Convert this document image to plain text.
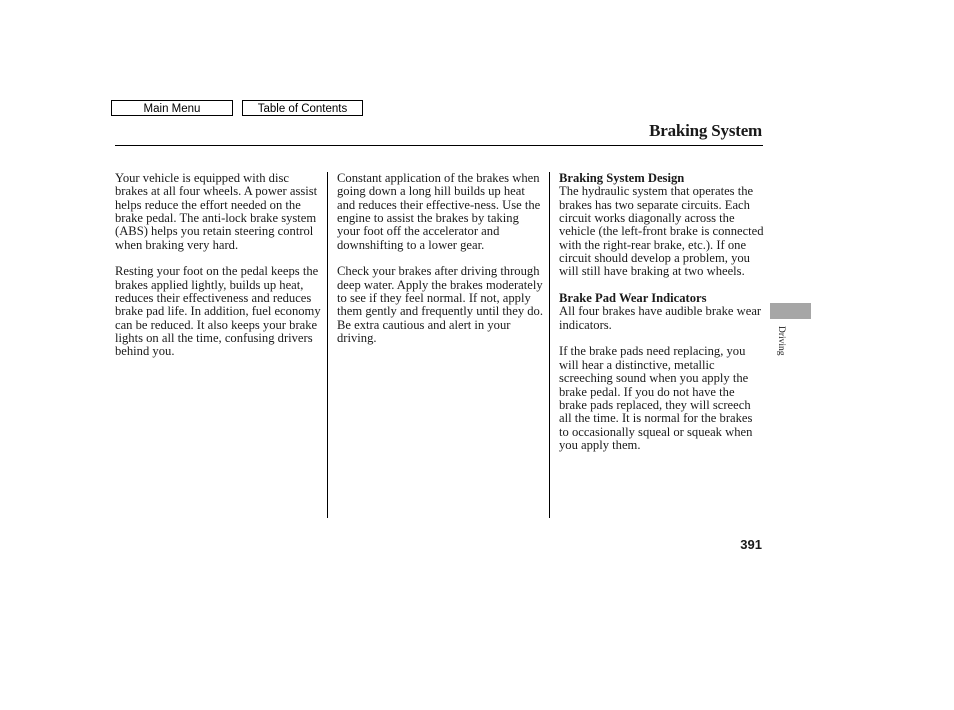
Main Menu	Table of Contents
Braking System

Your vehicle is equipped with disc brakes at all four wheels. A power assist helps reduce the effort needed on the brake pedal. The anti-lock brake system (ABS) helps you retain steering control when braking very hard.

Resting your foot on the pedal keeps the brakes applied lightly, builds up heat, reduces their effectiveness and reduces brake pad life. In addition, fuel economy can be reduced. It also keeps your brake lights on all the time, confusing drivers behind you.

Constant application of the brakes when going down a long hill builds up heat and reduces their effective-ness. Use the engine to assist the brakes by taking your foot off the accelerator and downshifting to a lower gear.

Check your brakes after driving through deep water. Apply the brakes moderately to see if they feel normal. If not, apply them gently and frequently until they do. Be extra cautious and alert in your driving.

Braking System Design
The hydraulic system that operates the brakes has two separate circuits. Each circuit works diagonally across the vehicle (the left-front brake is connected with the right-rear brake, etc.). If one circuit should develop a problem, you will still have braking at two wheels.

Brake Pad Wear Indicators
All four brakes have audible brake wear indicators.

If the brake pads need replacing, you will hear a distinctive, metallic screeching sound when you apply the brake pedal. If you do not have the brake pads replaced, they will screech all the time. It is normal for the brakes to occasionally squeal or squeak when you apply them.

Driving
391
